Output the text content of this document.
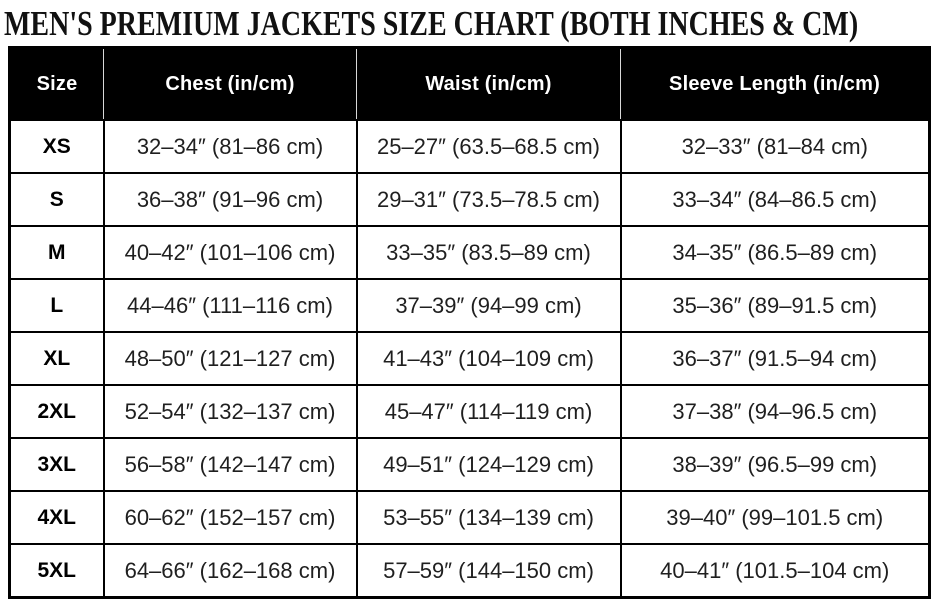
MEN'S PREMIUM JACKETS SIZE CHART (BOTH INCHES & CM)
Size	Chest (in/cm)	Waist (in/cm)	Sleeve Length (in/cm)
XS	32–34″ (81–86 cm)	25–27″ (63.5–68.5 cm)	32–33″ (81–84 cm)
S	36–38″ (91–96 cm)	29–31″ (73.5–78.5 cm)	33–34″ (84–86.5 cm)
M	40–42″ (101–106 cm)	33–35″ (83.5–89 cm)	34–35″ (86.5–89 cm)
L	44–46″ (111–116 cm)	37–39″ (94–99 cm)	35–36″ (89–91.5 cm)
XL	48–50″ (121–127 cm)	41–43″ (104–109 cm)	36–37″ (91.5–94 cm)
2XL	52–54″ (132–137 cm)	45–47″ (114–119 cm)	37–38″ (94–96.5 cm)
3XL	56–58″ (142–147 cm)	49–51″ (124–129 cm)	38–39″ (96.5–99 cm)
4XL	60–62″ (152–157 cm)	53–55″ (134–139 cm)	39–40″ (99–101.5 cm)
5XL	64–66″ (162–168 cm)	57–59″ (144–150 cm)	40–41″ (101.5–104 cm)
